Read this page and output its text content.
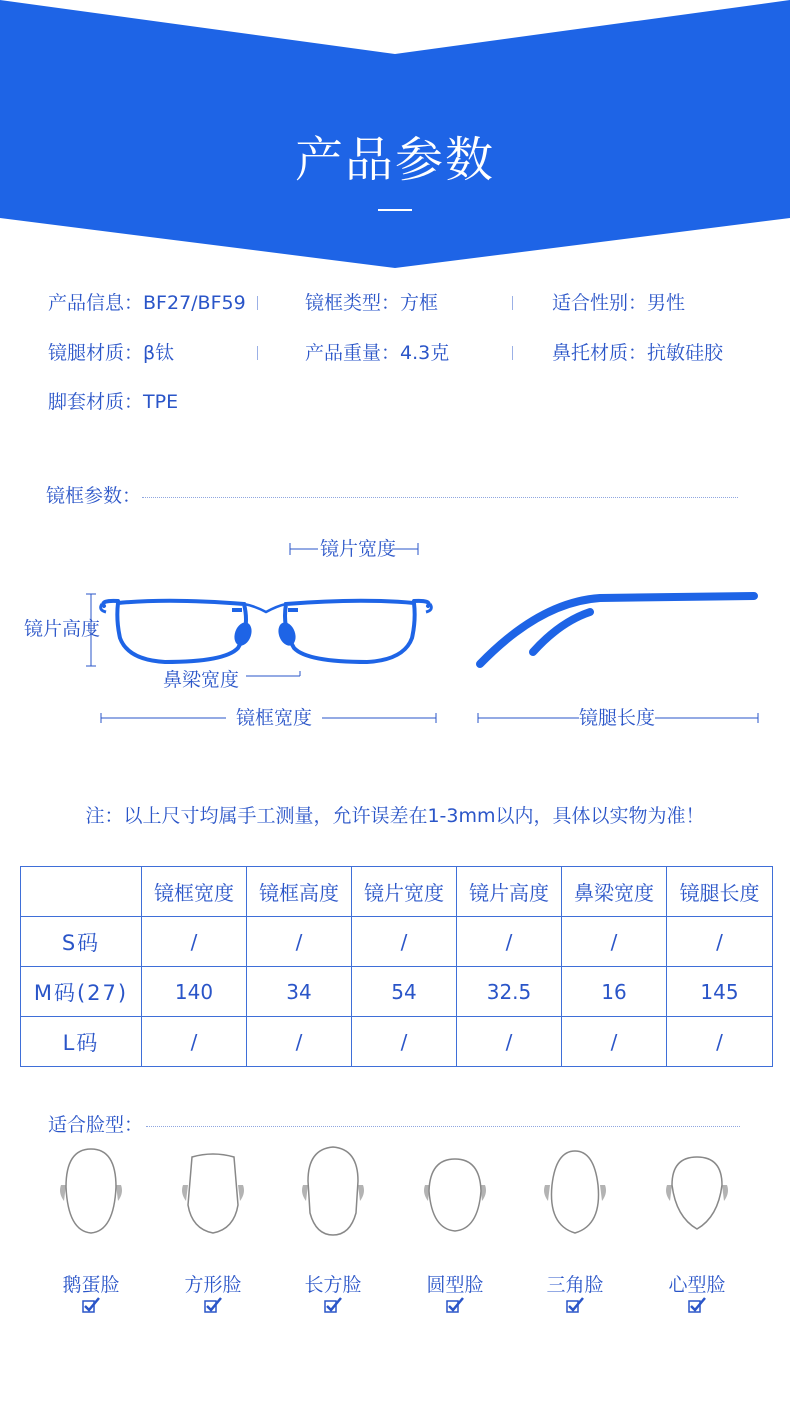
产品参数
产品信息：BF27/BF59	镜框类型：方框	适合性别：男性
镜腿材质：β钛	产品重量：4.3克	鼻托材质：抗敏硅胶
脚套材质：TPE
镜框参数：
镜片宽度
镜片高度
鼻梁宽度
镜框宽度	镜腿长度
注：以上尺寸均属手工测量，允许误差在1-3mm以内，具体以实物为准！
	镜框宽度	镜框高度	镜片宽度	镜片高度	鼻梁宽度	镜腿长度
S码	/	/	/	/	/	/
M码(27)	140	34	54	32.5	16	145
L码	/	/	/	/	/	/
适合脸型：
鹅蛋脸	方形脸	长方脸	圆型脸	三角脸	心型脸
